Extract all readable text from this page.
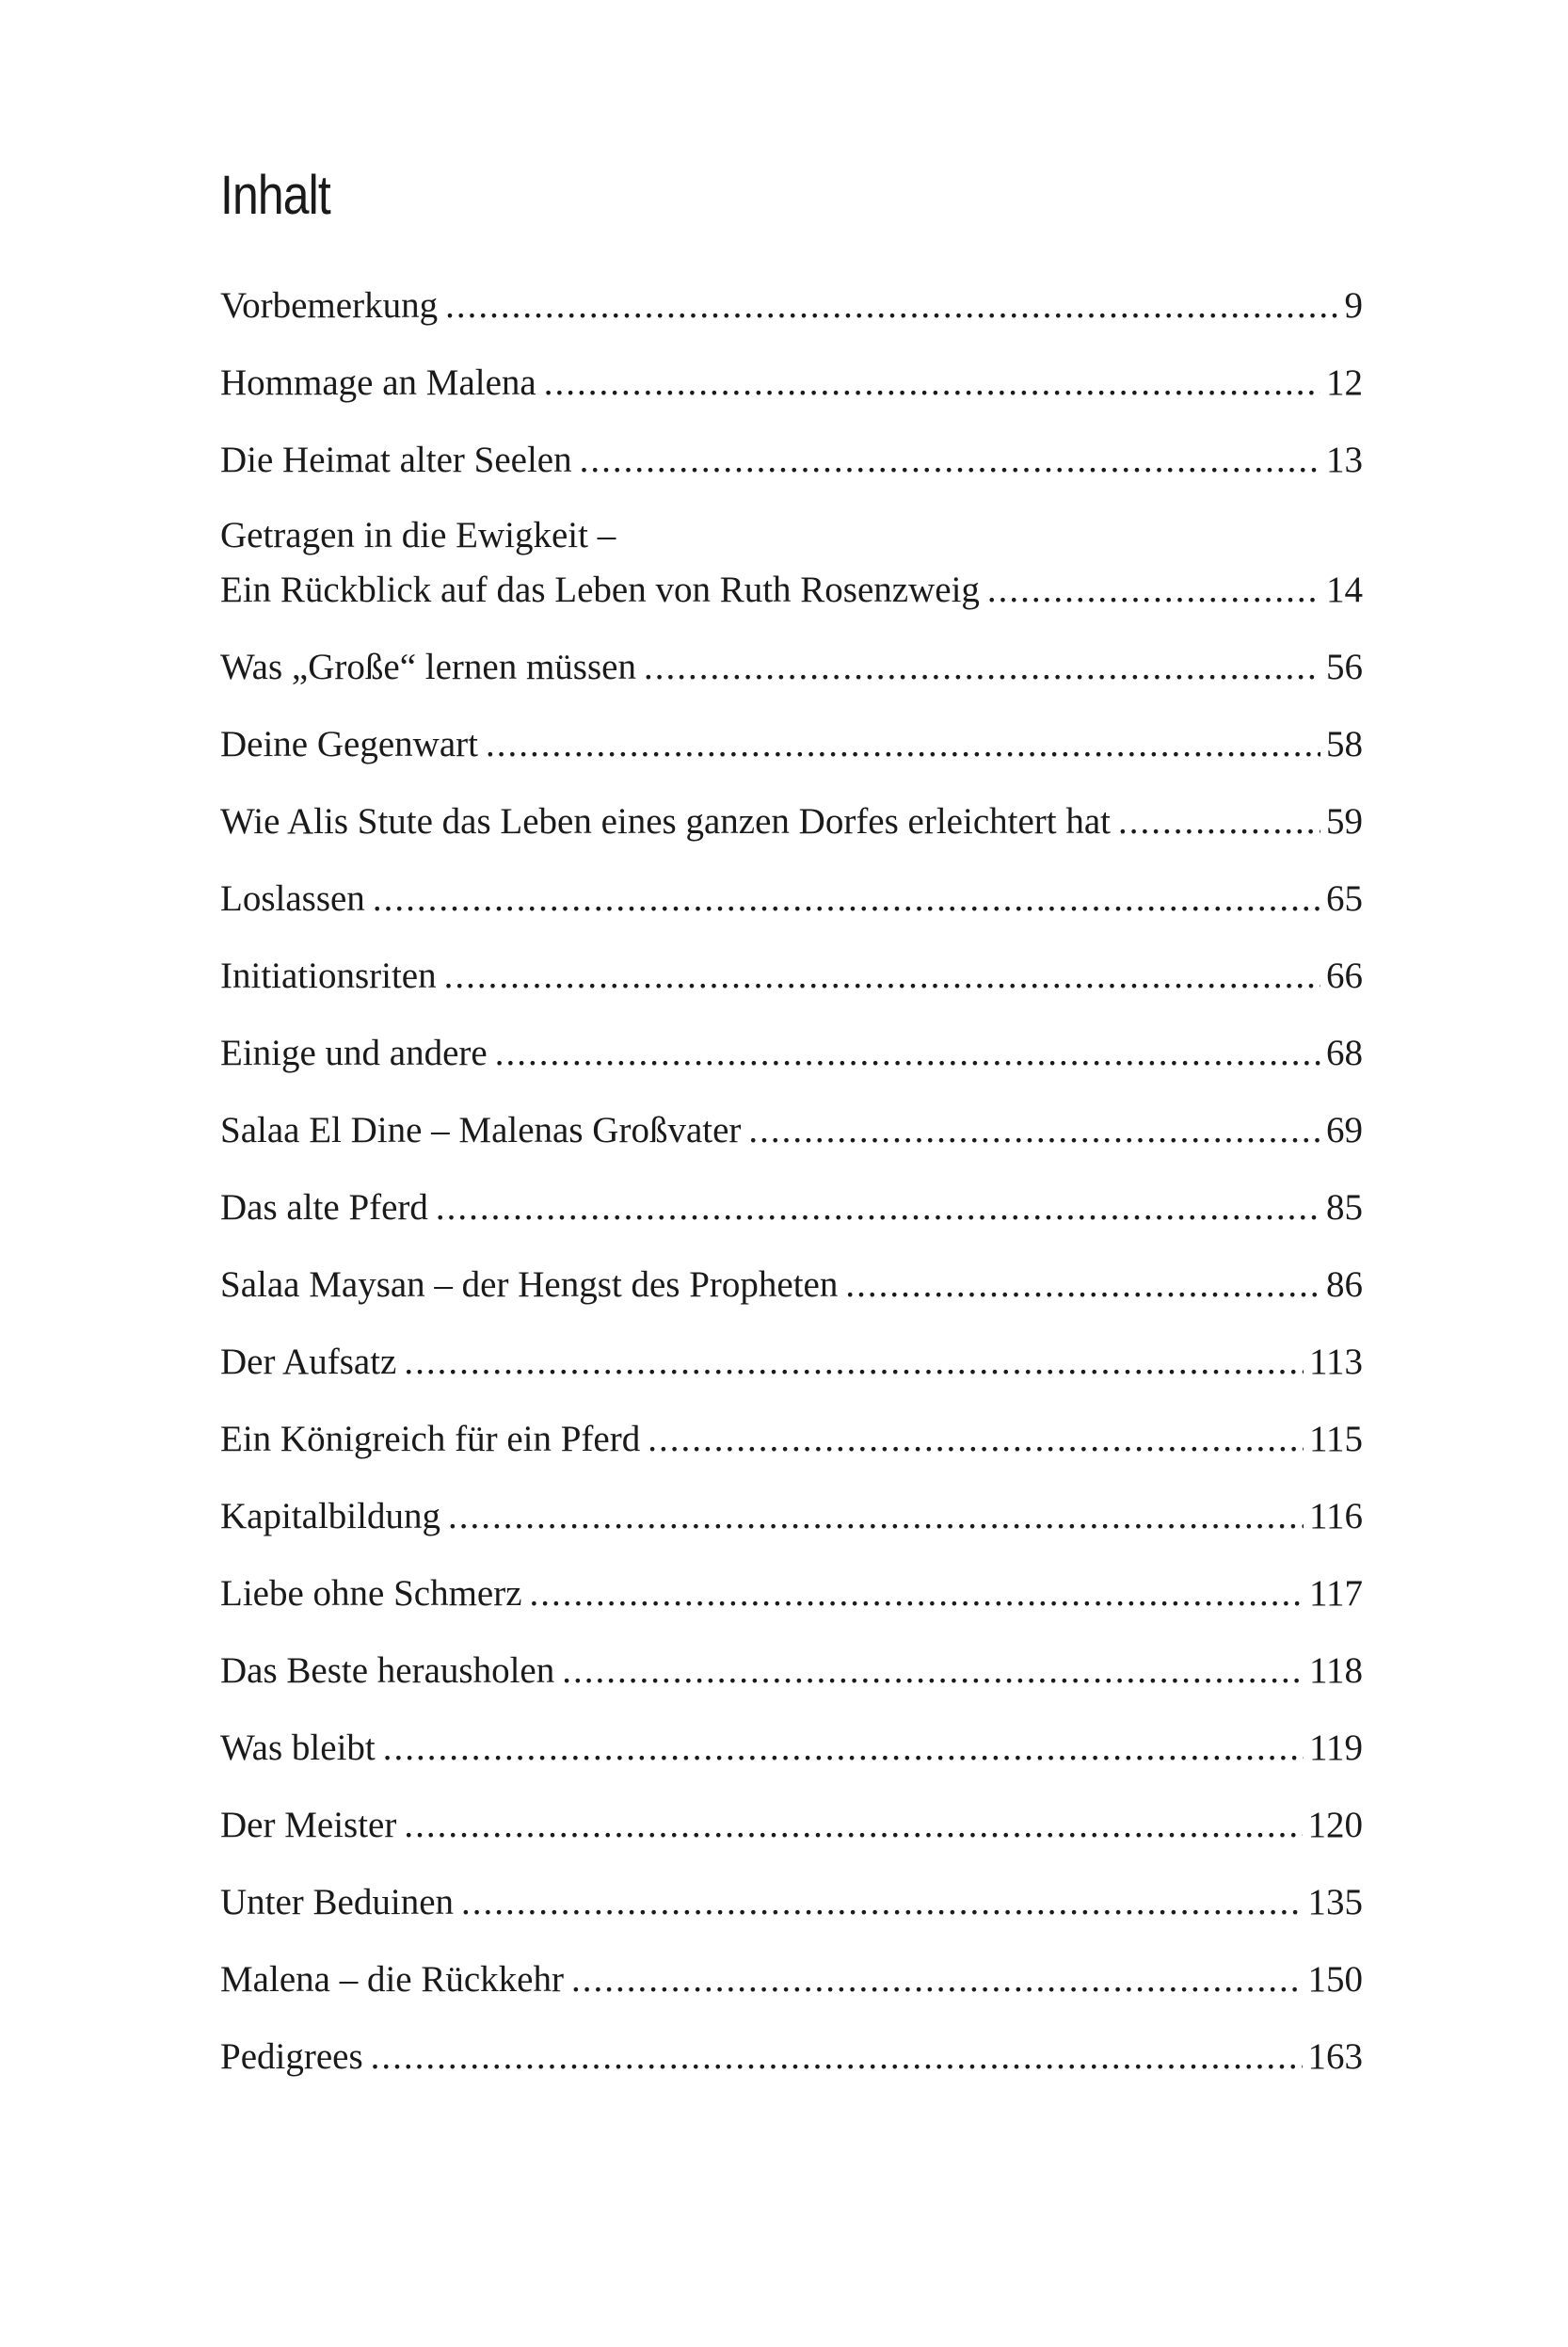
Inhalt
Vorbemerkung .....	9
Hommage an Malena .....	12
Die Heimat alter Seelen .....	13
Getragen in die Ewigkeit –
Ein Rückblick auf das Leben von Ruth Rosenzweig .....	14
Was „Große“ lernen müssen .....	56
Deine Gegenwart .....	58
Wie Alis Stute das Leben eines ganzen Dorfes erleichtert hat .....	59
Loslassen .....	65
Initiationsriten .....	66
Einige und andere .....	68
Salaa El Dine – Malenas Großvater .....	69
Das alte Pferd .....	85
Salaa Maysan – der Hengst des Propheten .....	86
Der Aufsatz .....	113
Ein Königreich für ein Pferd .....	115
Kapitalbildung .....	116
Liebe ohne Schmerz .....	117
Das Beste herausholen .....	118
Was bleibt .....	119
Der Meister .....	120
Unter Beduinen .....	135
Malena – die Rückkehr .....	150
Pedigrees .....	163
